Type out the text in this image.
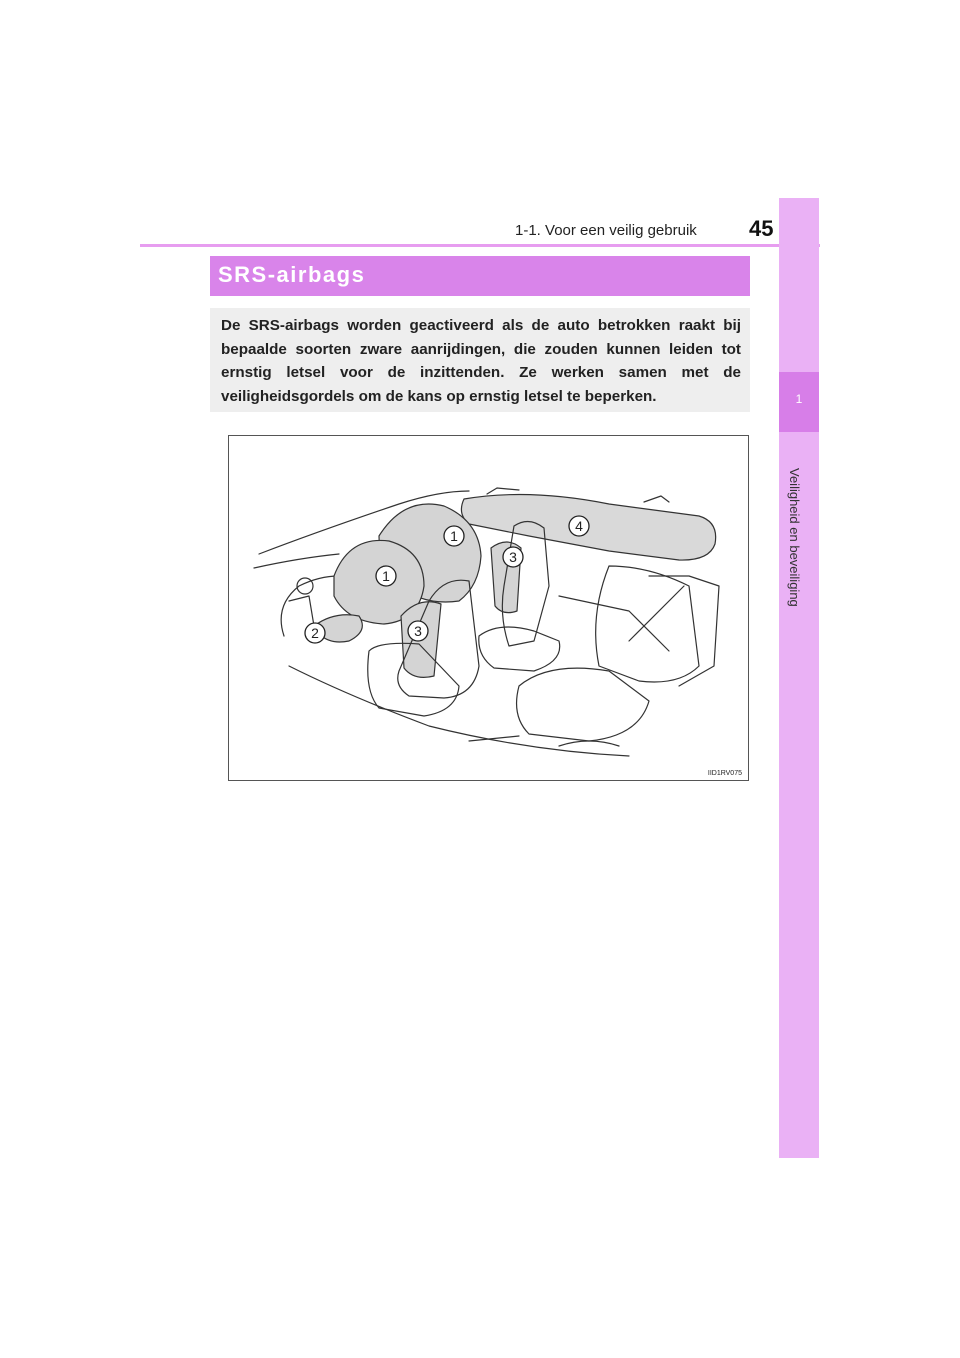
1-1. Voor een veilig gebruik 45
1
Veiligheid en beveiliging
SRS-airbags
De SRS-airbags worden geactiveerd als de auto betrokken raakt bij bepaalde soorten zware aanrijdingen, die zouden kunnen leiden tot ernstig letsel voor de inzittenden. Ze werken samen met de veiligheidsgordels om de kans op ernstig letsel te beperken.
1
1
2	3
3
4
IID1RV075
